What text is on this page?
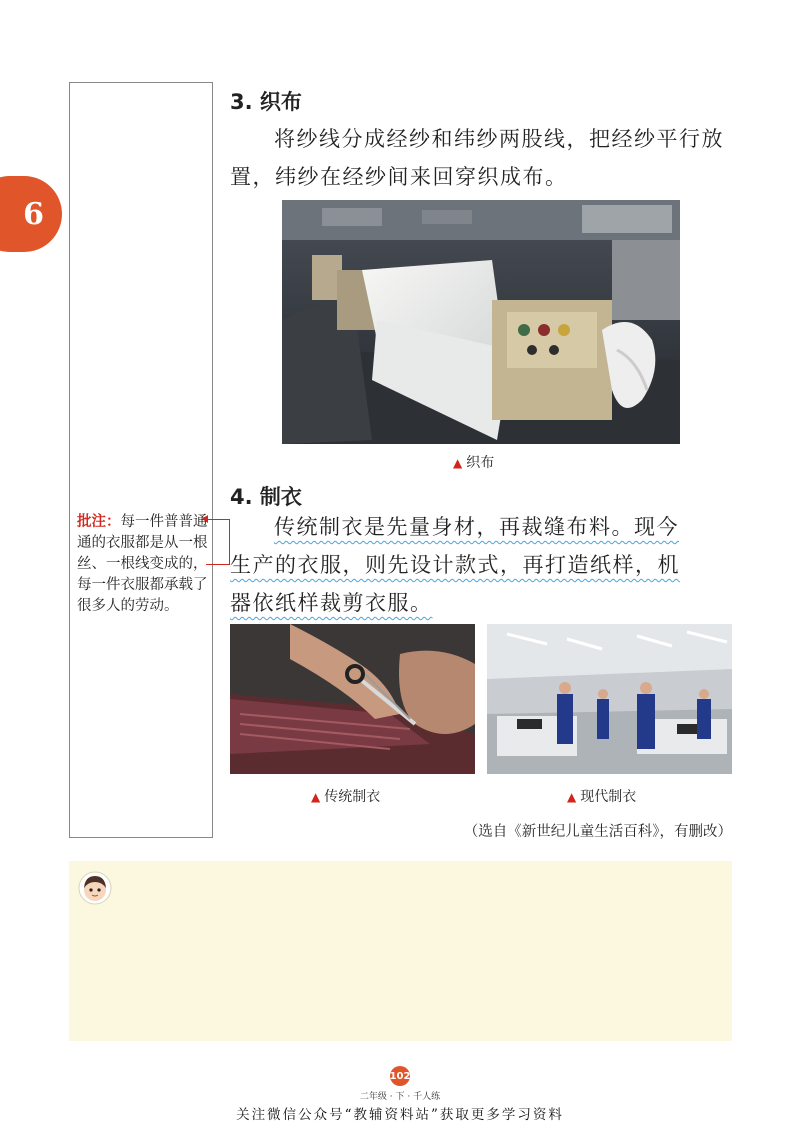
6
批注：每一件普普通通的衣服都是从一根丝、一根线变成的，每一件衣服都承载了很多人的劳动。
3. 织布

将纱线分成经纱和纬纱两股线，把经纱平行放置，纬纱在经纱间来回穿织成布。

▲ 织布
4. 制衣

传统制衣是先量身材，再裁缝布料。现今

生产的衣服，则先设计款式，再打造纸样，机

器依纸样裁剪衣服。

▲ 传统制衣	▲ 现代制衣
（选自《新世纪儿童生活百科》，有删改）
102
二年级 · 下 · 千人练
关注微信公众号“教辅资料站”获取更多学习资料
